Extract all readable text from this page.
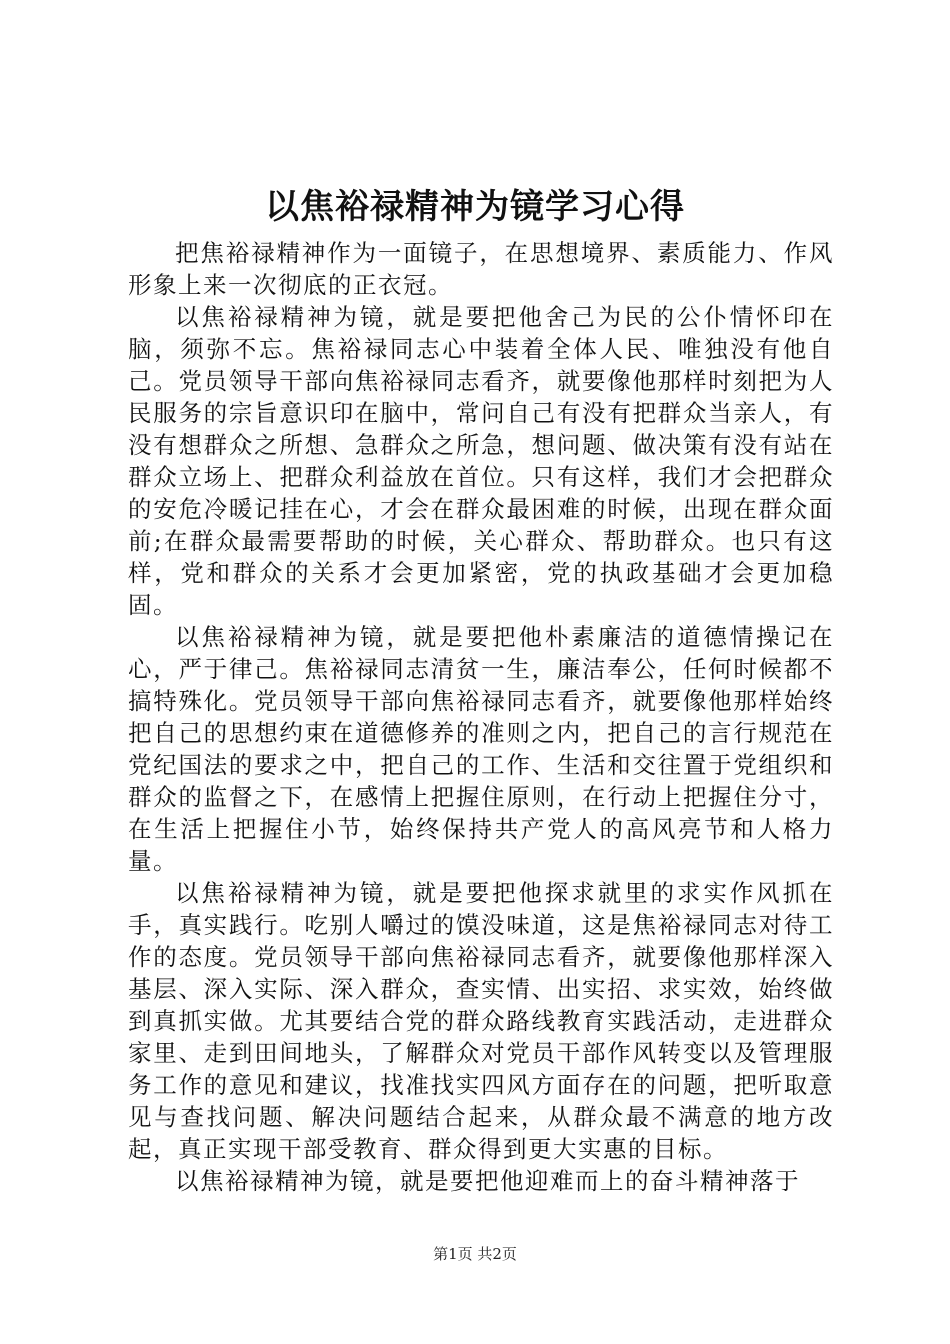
以焦裕禄精神为镜学习心得

把焦裕禄精神作为一面镜子，在思想境界、素质能力、作风形象上来一次彻底的正衣冠。

以焦裕禄精神为镜，就是要把他舍己为民的公仆情怀印在脑，须弥不忘。焦裕禄同志心中装着全体人民、唯独没有他自己。党员领导干部向焦裕禄同志看齐，就要像他那样时刻把为人民服务的宗旨意识印在脑中，常问自己有没有把群众当亲人，有没有想群众之所想、急群众之所急，想问题、做决策有没有站在群众立场上、把群众利益放在首位。只有这样，我们才会把群众的安危冷暖记挂在心，才会在群众最困难的时候，出现在群众面前;在群众最需要帮助的时候，关心群众、帮助群众。也只有这样，党和群众的关系才会更加紧密，党的执政基础才会更加稳固。

以焦裕禄精神为镜，就是要把他朴素廉洁的道德情操记在心，严于律己。焦裕禄同志清贫一生，廉洁奉公，任何时候都不搞特殊化。党员领导干部向焦裕禄同志看齐，就要像他那样始终把自己的思想约束在道德修养的准则之内，把自己的言行规范在党纪国法的要求之中，把自己的工作、生活和交往置于党组织和群众的监督之下，在感情上把握住原则，在行动上把握住分寸，在生活上把握住小节，始终保持共产党人的高风亮节和人格力量。

以焦裕禄精神为镜，就是要把他探求就里的求实作风抓在手，真实践行。吃别人嚼过的馍没味道，这是焦裕禄同志对待工作的态度。党员领导干部向焦裕禄同志看齐，就要像他那样深入基层、深入实际、深入群众，查实情、出实招、求实效，始终做到真抓实做。尤其要结合党的群众路线教育实践活动，走进群众家里、走到田间地头，了解群众对党员干部作风转变以及管理服务工作的意见和建议，找准找实四风方面存在的问题，把听取意见与查找问题、解决问题结合起来，从群众最不满意的地方改起，真正实现干部受教育、群众得到更大实惠的目标。

以焦裕禄精神为镜，就是要把他迎难而上的奋斗精神落于

第1页 共2页
